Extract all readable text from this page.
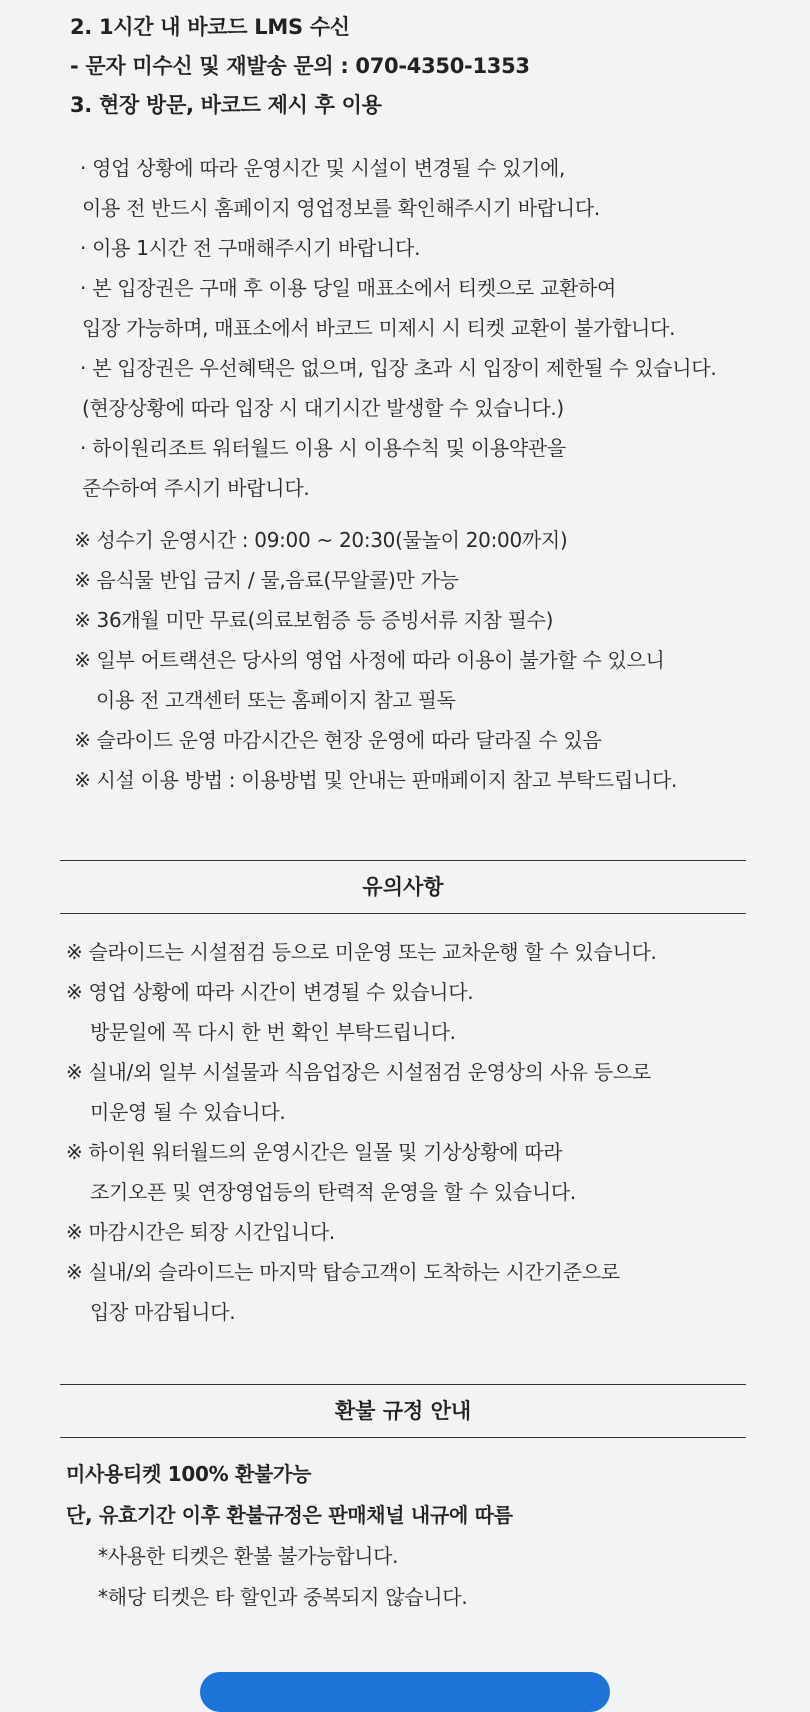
2. 1시간 내 바코드 LMS 수신
- 문자 미수신 및 재발송 문의 : 070-4350-1353
3. 현장 방문, 바코드 제시 후 이용
· 영업 상황에 따라 운영시간 및 시설이 변경될 수 있기에,
이용 전 반드시 홈페이지 영업정보를 확인해주시기 바랍니다.
· 이용 1시간 전 구매해주시기 바랍니다.
· 본 입장권은 구매 후 이용 당일 매표소에서 티켓으로 교환하여
입장 가능하며, 매표소에서 바코드 미제시 시 티켓 교환이 불가합니다.
· 본 입장권은 우선혜택은 없으며, 입장 초과 시 입장이 제한될 수 있습니다.
(현장상황에 따라 입장 시 대기시간 발생할 수 있습니다.)
· 하이원리조트 워터월드 이용 시 이용수칙 및 이용약관을
준수하여 주시기 바랍니다.
※ 성수기 운영시간 : 09:00 ~ 20:30(물놀이 20:00까지)
※ 음식물 반입 금지 / 물,음료(무알콜)만 가능
※ 36개월 미만 무료(의료보험증 등 증빙서류 지참 필수)
※ 일부 어트랙션은 당사의 영업 사정에 따라 이용이 불가할 수 있으니
이용 전 고객센터 또는 홈페이지 참고 필독
※ 슬라이드 운영 마감시간은 현장 운영에 따라 달라질 수 있음
※ 시설 이용 방법 : 이용방법 및 안내는 판매페이지 참고 부탁드립니다.
유의사항
※ 슬라이드는 시설점검 등으로 미운영 또는 교차운행 할 수 있습니다.
※ 영업 상황에 따라 시간이 변경될 수 있습니다.
방문일에 꼭 다시 한 번 확인 부탁드립니다.
※ 실내/외 일부 시설물과 식음업장은 시설점검 운영상의 사유 등으로
미운영 될 수 있습니다.
※ 하이원 워터월드의 운영시간은 일몰 및 기상상황에 따라
조기오픈 및 연장영업등의 탄력적 운영을 할 수 있습니다.
※ 마감시간은 퇴장 시간입니다.
※ 실내/외 슬라이드는 마지막 탑승고객이 도착하는 시간기준으로
입장 마감됩니다.
환불 규정 안내
미사용티켓 100% 환불가능
단, 유효기간 이후 환불규정은 판매채널 내규에 따름
*사용한 티켓은 환불 불가능합니다.
*해당 티켓은 타 할인과 중복되지 않습니다.
